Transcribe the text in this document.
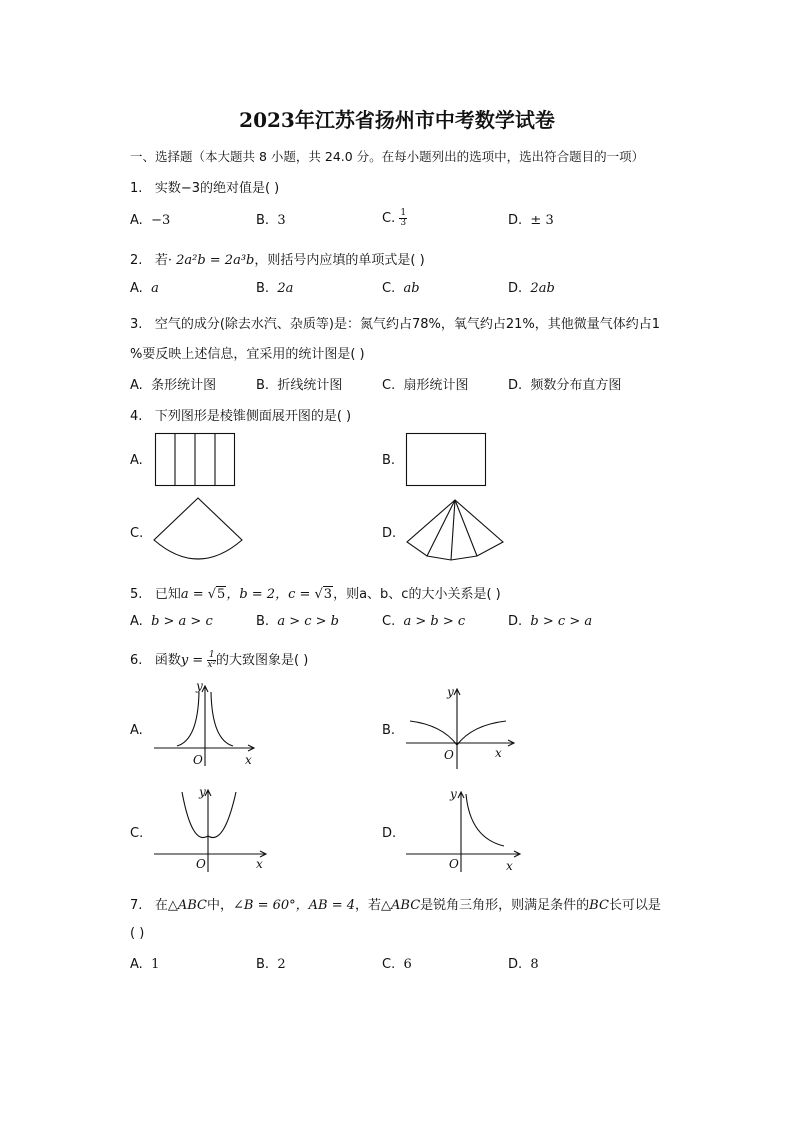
2023年江苏省扬州市中考数学试卷
一、选择题（本大题共 8 小题，共 24.0 分。在每小题列出的选项中，选出符合题目的一项）
1. 实数−3的绝对值是( )
A. −3	B. 3	C. $\frac{1}{3}$	D. ± 3
2. 若· 2a²b = 2a³b，则括号内应填的单项式是( )
A. a	B. 2a	C. ab	D. 2ab
3. 空气的成分(除去水汽、杂质等)是：氮气约占78%，氧气约占21%，其他微量气体约占1
%要反映上述信息，宜采用的统计图是( )
A. 条形统计图	B. 折线统计图	C. 扇形统计图	D. 频数分布直方图
4. 下列图形是棱锥侧面展开图的是( )
A.	B.
C.	D.
5. 已知a = √5，b = 2，c = √3，则a、b、c的大小关系是( )
A. b > a > c	B. a > c > b	C. a > b > c	D. b > c > a
6. 函数$y = \frac{1}{\text{x²}}$ 的大致图象是( )
A.
y
x
O
B.
y
x
O
C.
y
x
O
D.
y
x
O
7. 在△ABC中，∠B = 60°，AB = 4，若△ABC是锐角三角形，则满足条件的BC长可以是
( )
A. 1	B. 2	C. 6	D. 8
